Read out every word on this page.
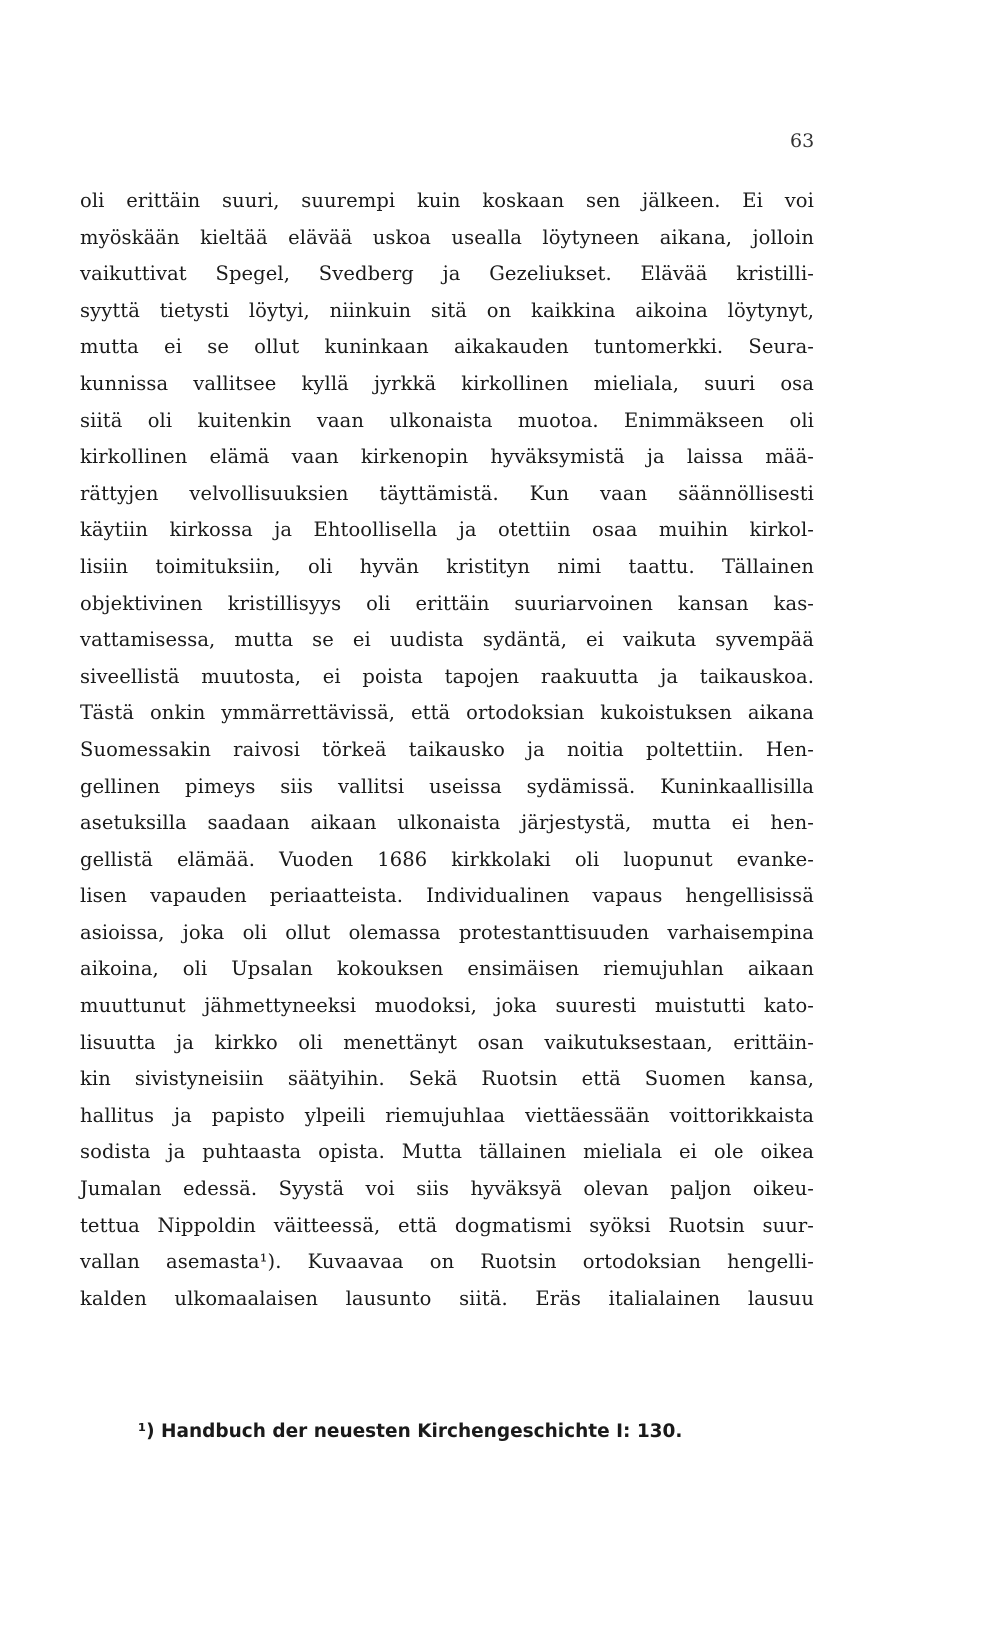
63
oli erittäin suuri, suurempi kuin koskaan sen jälkeen. Ei voi
myöskään kieltää elävää uskoa usealla löytyneen aikana, jolloin
vaikuttivat Spegel, Svedberg ja Gezeliukset. Elävää kristilli-
syyttä tietysti löytyi, niinkuin sitä on kaikkina aikoina löytynyt,
mutta ei se ollut kuninkaan aikakauden tuntomerkki. Seura-
kunnissa vallitsee kyllä jyrkkä kirkollinen mieliala, suuri osa
siitä oli kuitenkin vaan ulkonaista muotoa. Enimmäkseen oli
kirkollinen elämä vaan kirkenopin hyväksymistä ja laissa mää-
rättyjen velvollisuuksien täyttämistä. Kun vaan säännöllisesti
käytiin kirkossa ja Ehtoollisella ja otettiin osaa muihin kirkol-
lisiin toimituksiin, oli hyvän kristityn nimi taattu. Tällainen
objektivinen kristillisyys oli erittäin suuriarvoinen kansan kas-
vattamisessa, mutta se ei uudista sydäntä, ei vaikuta syvempää
siveellistä muutosta, ei poista tapojen raakuutta ja taikauskoa.
Tästä onkin ymmärrettävissä, että ortodoksian kukoistuksen aikana
Suomessakin raivosi törkeä taikausko ja noitia poltettiin. Hen-
gellinen pimeys siis vallitsi useissa sydämissä. Kuninkaallisilla
asetuksilla saadaan aikaan ulkonaista järjestystä, mutta ei hen-
gellistä elämää. Vuoden 1686 kirkkolaki oli luopunut evanke-
lisen vapauden periaatteista. Individualinen vapaus hengellisissä
asioissa, joka oli ollut olemassa protestanttisuuden varhaisempina
aikoina, oli Upsalan kokouksen ensimäisen riemujuhlan aikaan
muuttunut jähmettyneeksi muodoksi, joka suuresti muistutti kato-
lisuutta ja kirkko oli menettänyt osan vaikutuksestaan, erittäin-
kin sivistyneisiin säätyihin. Sekä Ruotsin että Suomen kansa,
hallitus ja papisto ylpeili riemujuhlaa viettäessään voittorikkaista
sodista ja puhtaasta opista. Mutta tällainen mieliala ei ole oikea
Jumalan edessä. Syystä voi siis hyväksyä olevan paljon oikeu-
tettua Nippoldin väitteessä, että dogmatismi syöksi Ruotsin suur-
vallan asemasta¹). Kuvaavaa on Ruotsin ortodoksian hengelli-
kalden ulkomaalaisen lausunto siitä. Eräs italialainen lausuu
¹) Handbuch der neuesten Kirchengeschichte I: 130.
